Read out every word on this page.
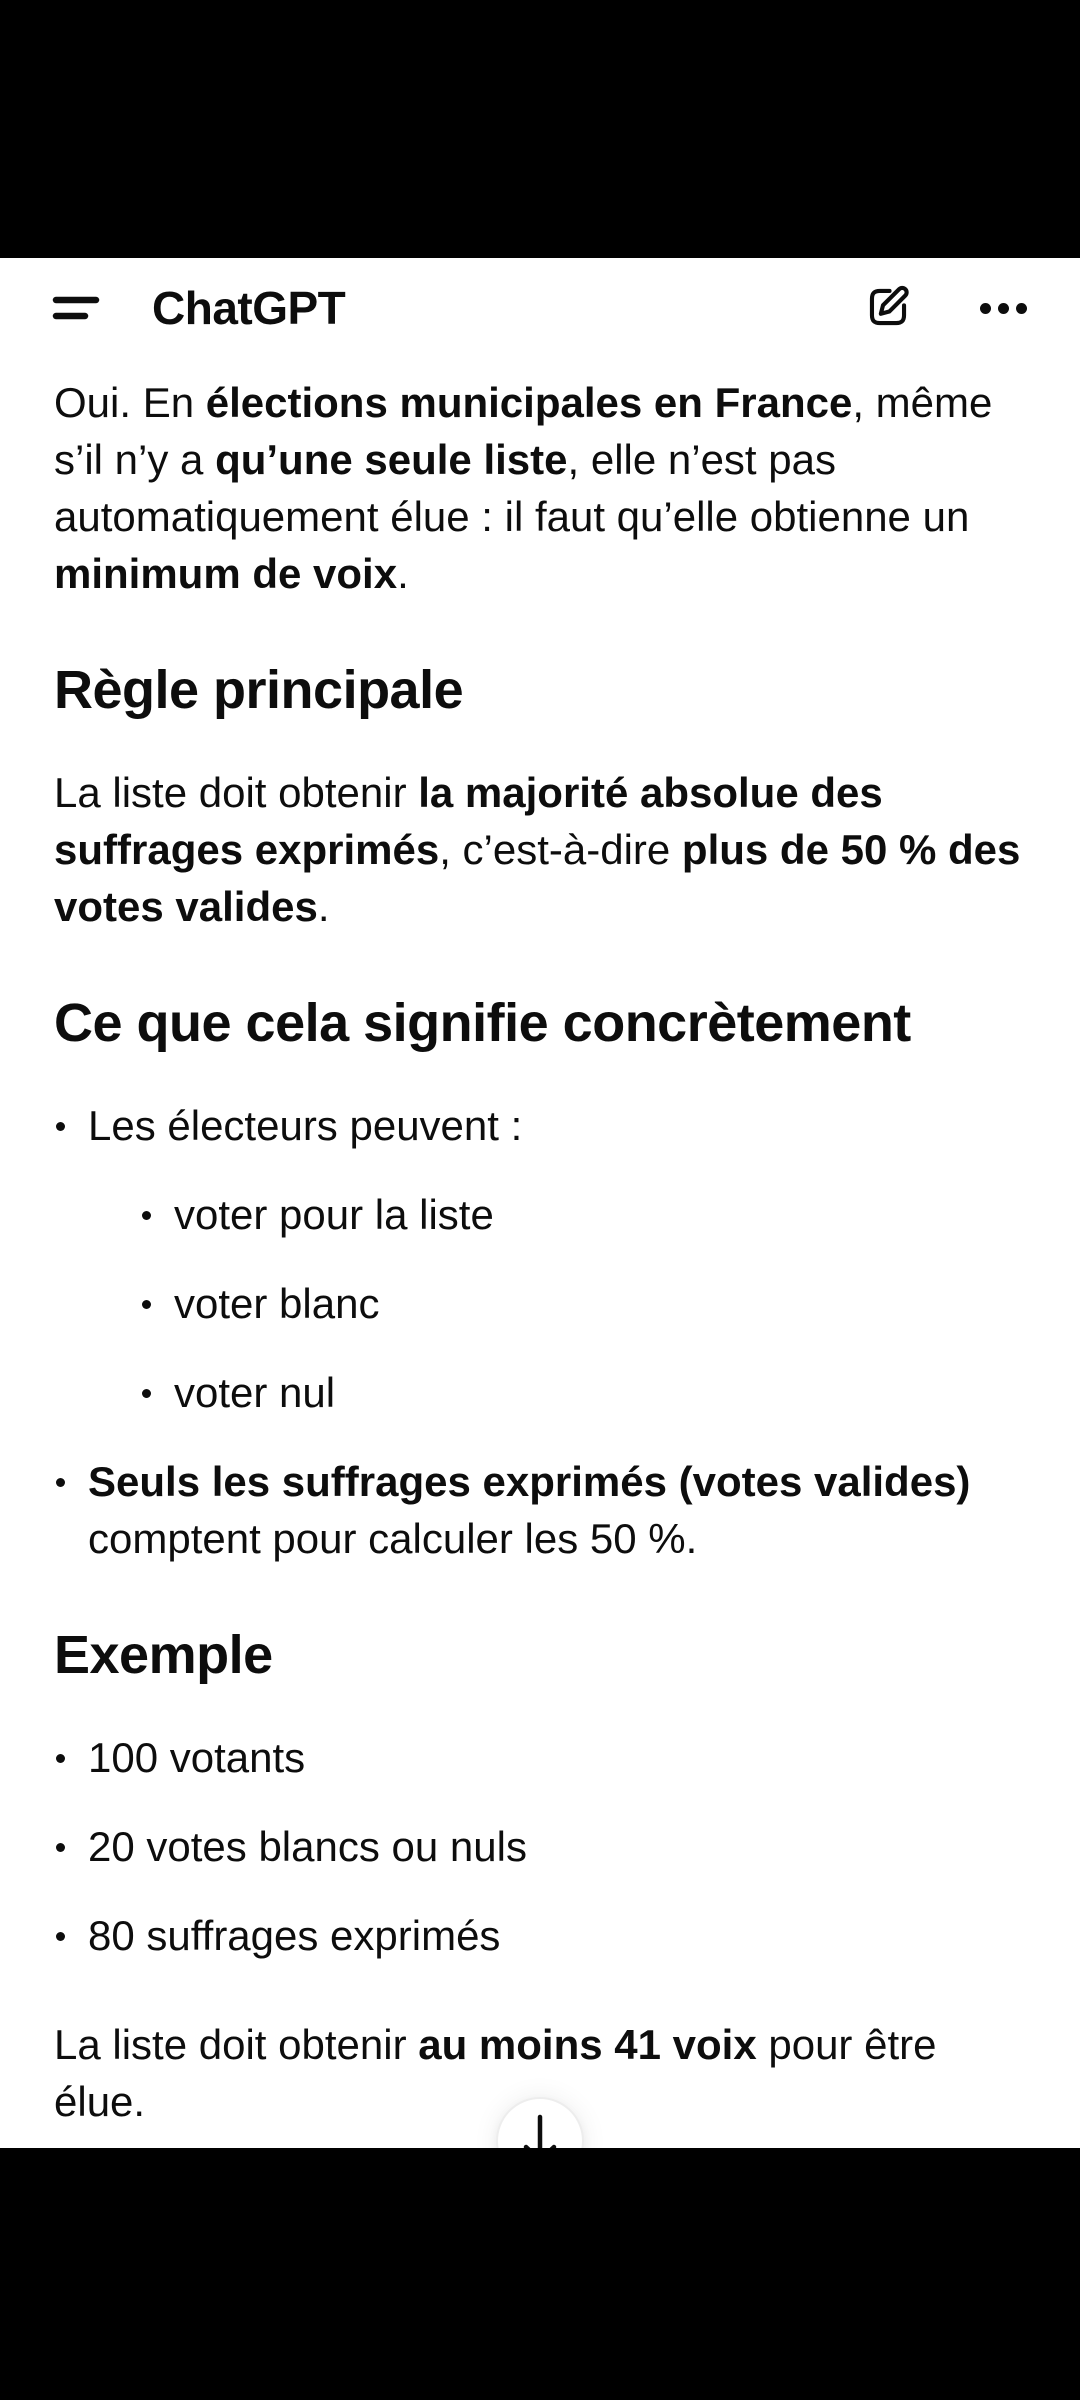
ChatGPT

Oui. En élections municipales en France, même s’il n’y a qu’une seule liste, elle n’est pas automatiquement élue : il faut qu’elle obtienne un minimum de voix.

Règle principale

La liste doit obtenir la majorité absolue des suffrages exprimés, c’est-à-dire plus de 50 % des votes valides.

Ce que cela signifie concrètement
Les électeurs peuvent :
voter pour la liste
voter blanc
voter nul
Seuls les suffrages exprimés (votes valides) comptent pour calculer les 50 %.
Exemple
100 votants
20 votes blancs ou nuls
80 suffrages exprimés

La liste doit obtenir au moins 41 voix pour être élue.
